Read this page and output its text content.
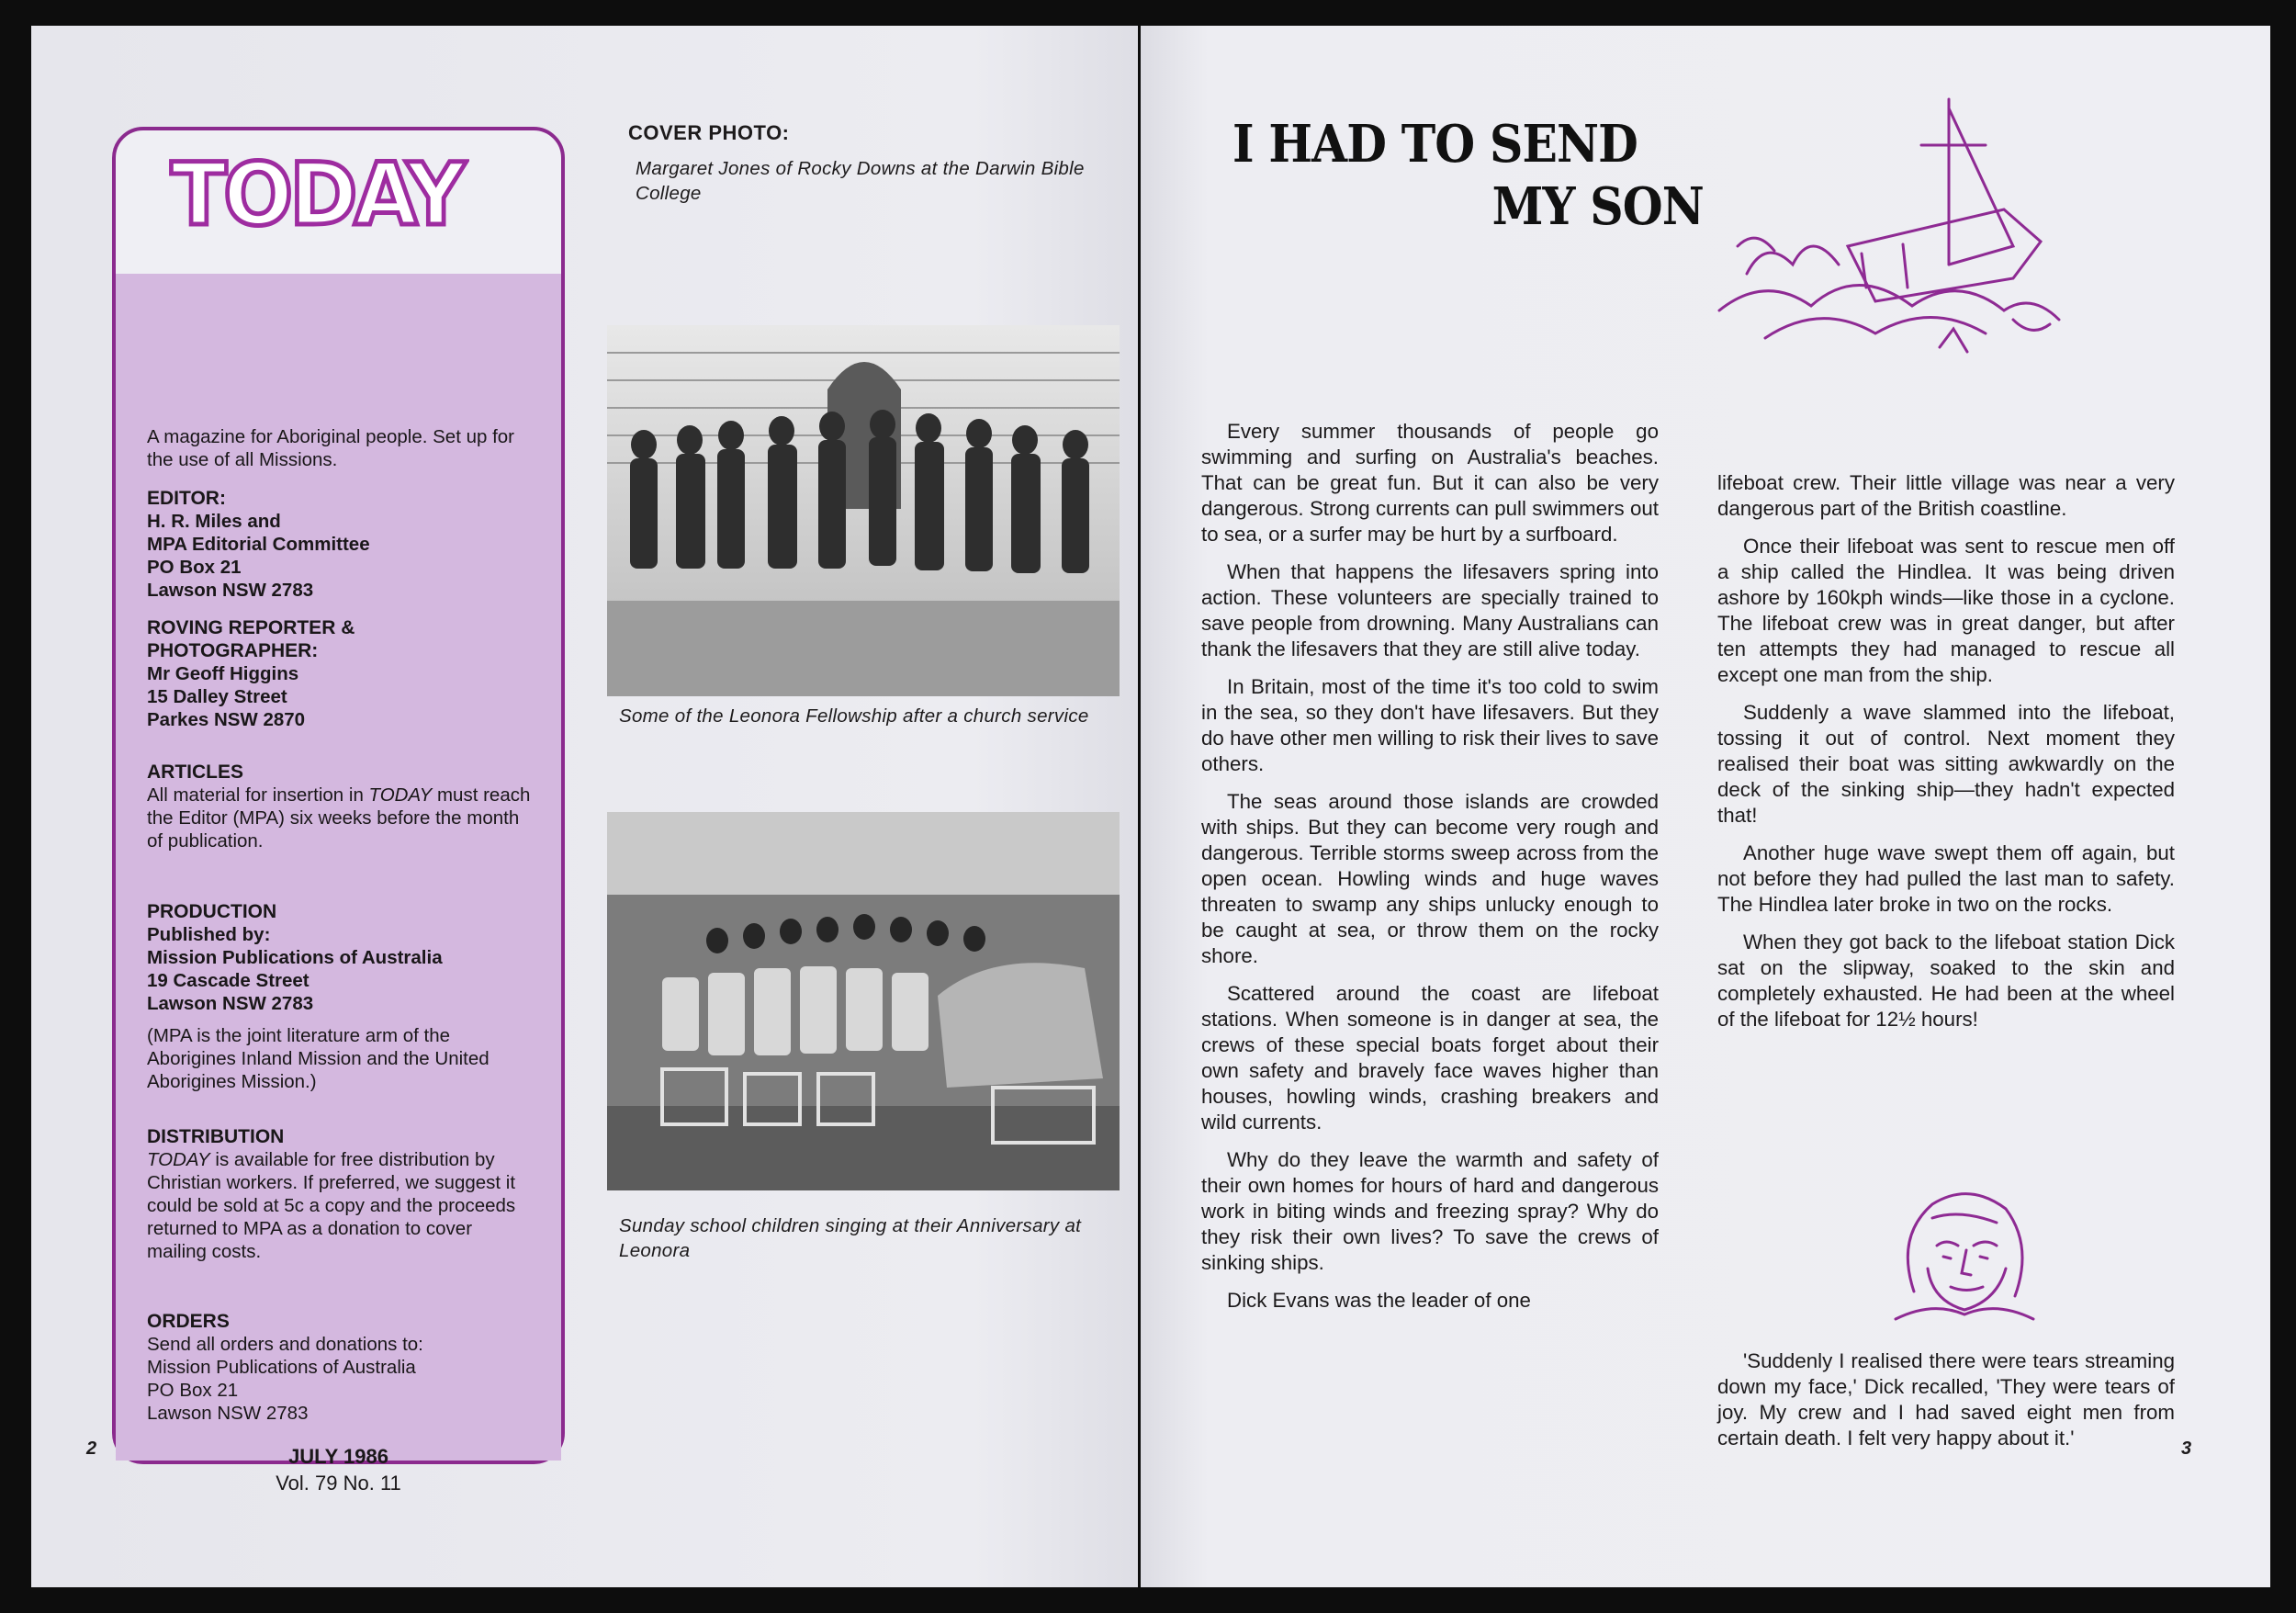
TODAY
A magazine for Aboriginal people. Set up for the use of all Missions.
EDITOR:
H. R. Miles and
MPA Editorial Committee
PO Box 21
Lawson NSW 2783
ROVING REPORTER &
PHOTOGRAPHER:
Mr Geoff Higgins
15 Dalley Street
Parkes NSW 2870
ARTICLES
All material for insertion in TODAY must reach the Editor (MPA) six weeks before the month of publication.
PRODUCTION
Published by:
Mission Publications of Australia
19 Cascade Street
Lawson NSW 2783
(MPA is the joint literature arm of the Aborigines Inland Mission and the United Aborigines Mission.)
DISTRIBUTION
TODAY is available for free distribution by Christian workers. If preferred, we suggest it could be sold at 5c a copy and the proceeds returned to MPA as a donation to cover mailing costs.
ORDERS
Send all orders and donations to:
Mission Publications of Australia
PO Box 21
Lawson NSW 2783
JULY 1986
Vol. 79 No. 11
COVER PHOTO:
Margaret Jones of Rocky Downs at the Darwin Bible College
Some of the Leonora Fellowship after a church service
Sunday school children singing at their Anniversary at Leonora
2
I HAD TO SEND
MY SON

Every summer thousands of people go swimming and surfing on Australia's beaches. That can be great fun. But it can also be very dangerous. Strong currents can pull swimmers out to sea, or a surfer may be hurt by a surfboard.

When that happens the lifesavers spring into action. These volunteers are specially trained to save people from drowning. Many Australians can thank the lifesavers that they are still alive today.

In Britain, most of the time it's too cold to swim in the sea, so they don't have lifesavers. But they do have other men willing to risk their lives to save others.

The seas around those islands are crowded with ships. But they can become very rough and dangerous. Terrible storms sweep across from the open ocean. Howling winds and huge waves threaten to swamp any ships unlucky enough to be caught at sea, or throw them on the rocky shore.

Scattered around the coast are lifeboat stations. When someone is in danger at sea, the crews of these special boats forget about their own safety and bravely face waves higher than houses, howling winds, crashing breakers and wild currents.

Why do they leave the warmth and safety of their own homes for hours of hard and dangerous work in biting winds and freezing spray? Why do they risk their own lives? To save the crews of sinking ships.

Dick Evans was the leader of one

lifeboat crew. Their little village was near a very dangerous part of the British coastline.

Once their lifeboat was sent to rescue men off a ship called the Hindlea. It was being driven ashore by 160kph winds—like those in a cyclone. The lifeboat crew was in great danger, but after ten attempts they had managed to rescue all except one man from the ship.

Suddenly a wave slammed into the lifeboat, tossing it out of control. Next moment they realised their boat was sitting awkwardly on the deck of the sinking ship—they hadn't expected that!

Another huge wave swept them off again, but not before they had pulled the last man to safety. The Hindlea later broke in two on the rocks.

When they got back to the lifeboat station Dick sat on the slipway, soaked to the skin and completely exhausted. He had been at the wheel of the lifeboat for 12½ hours!

'Suddenly I realised there were tears streaming down my face,' Dick recalled, 'They were tears of joy. My crew and I had saved eight men from certain death. I felt very happy about it.'	3
